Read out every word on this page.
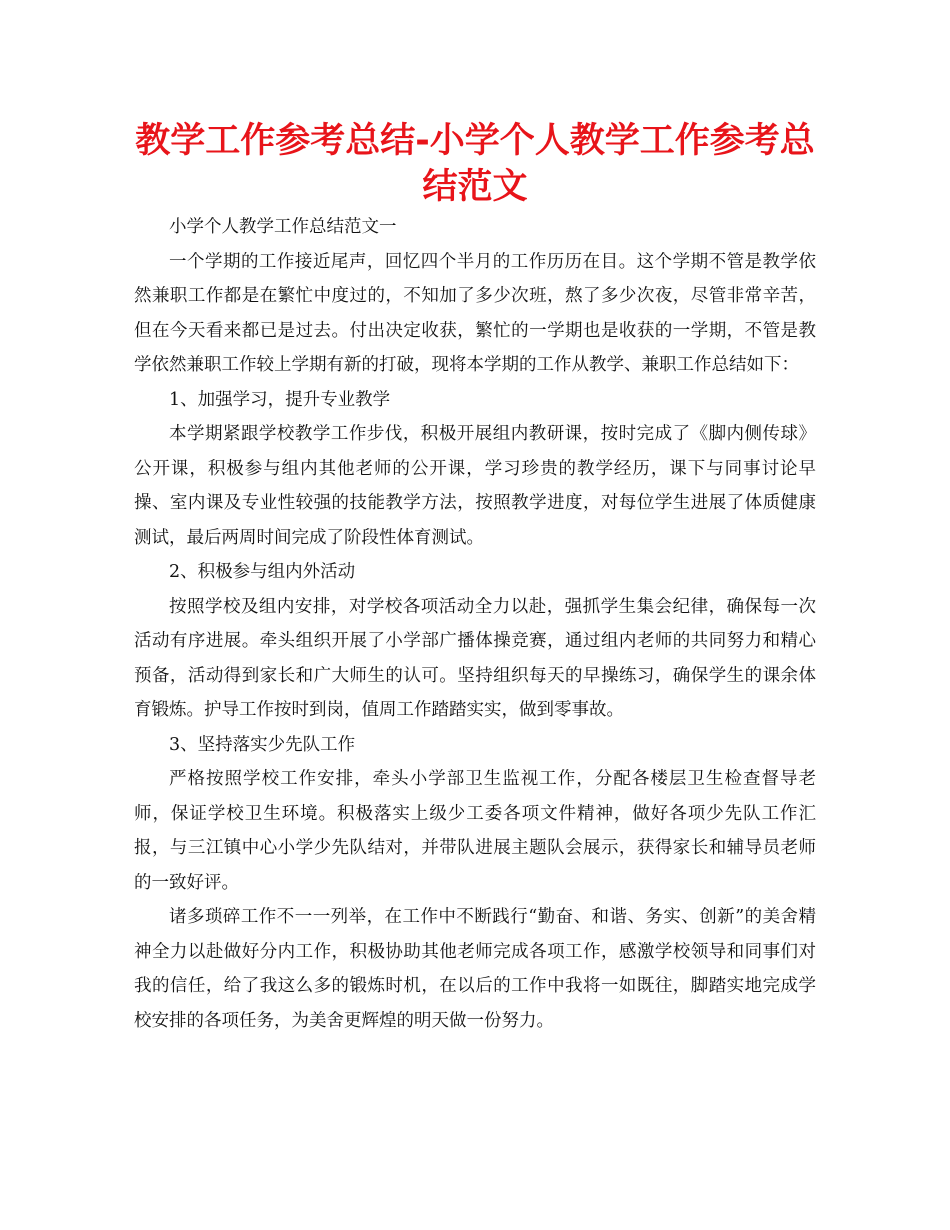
教学工作参考总结-小学个人教学工作参考总结范文

小学个人教学工作总结范文一

一个学期的工作接近尾声，回忆四个半月的工作历历在目。这个学期不管是教学依然兼职工作都是在繁忙中度过的，不知加了多少次班，熬了多少次夜，尽管非常辛苦，但在今天看来都已是过去。付出决定收获，繁忙的一学期也是收获的一学期，不管是教学依然兼职工作较上学期有新的打破，现将本学期的工作从教学、兼职工作总结如下：

1、加强学习，提升专业教学

本学期紧跟学校教学工作步伐，积极开展组内教研课，按时完成了《脚内侧传球》公开课，积极参与组内其他老师的公开课，学习珍贵的教学经历，课下与同事讨论早操、室内课及专业性较强的技能教学方法，按照教学进度，对每位学生进展了体质健康测试，最后两周时间完成了阶段性体育测试。

2、积极参与组内外活动

按照学校及组内安排，对学校各项活动全力以赴，强抓学生集会纪律，确保每一次活动有序进展。牵头组织开展了小学部广播体操竞赛，通过组内老师的共同努力和精心预备，活动得到家长和广大师生的认可。坚持组织每天的早操练习，确保学生的课余体育锻炼。护导工作按时到岗，值周工作踏踏实实，做到零事故。

3、坚持落实少先队工作

严格按照学校工作安排，牵头小学部卫生监视工作，分配各楼层卫生检查督导老师，保证学校卫生环境。积极落实上级少工委各项文件精神，做好各项少先队工作汇报，与三江镇中心小学少先队结对，并带队进展主题队会展示，获得家长和辅导员老师的一致好评。

诸多琐碎工作不一一列举，在工作中不断践行“勤奋、和谐、务实、创新”的美舍精神全力以赴做好分内工作，积极协助其他老师完成各项工作，感激学校领导和同事们对我的信任，给了我这么多的锻炼时机，在以后的工作中我将一如既往，脚踏实地完成学校安排的各项任务，为美舍更辉煌的明天做一份努力。
